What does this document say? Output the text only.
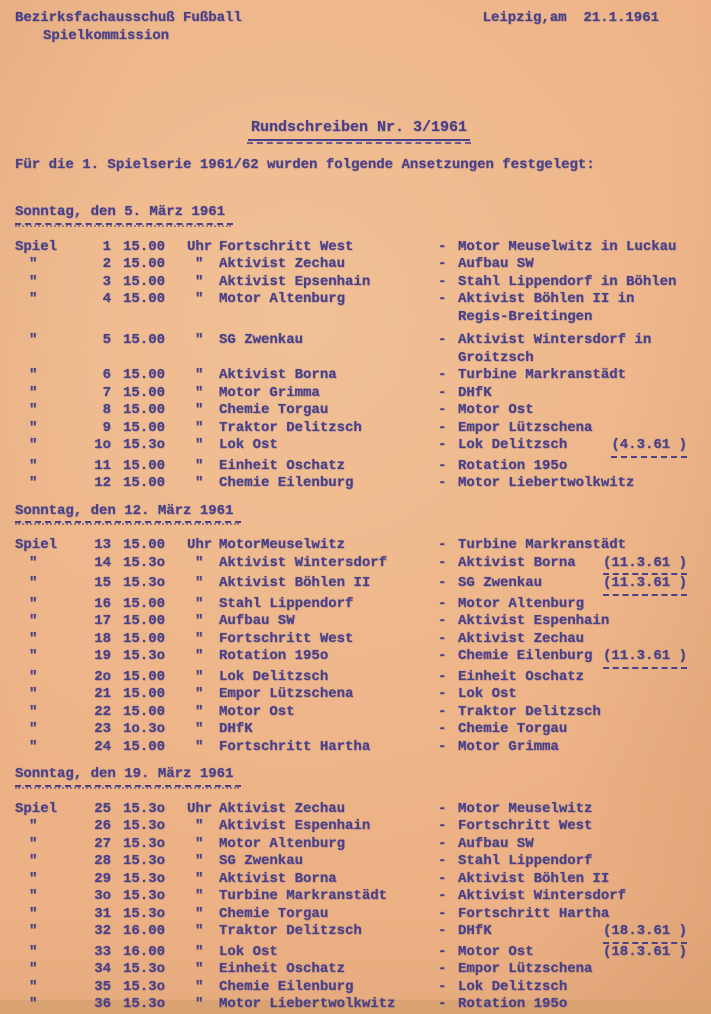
Bezirksfachausschuß Fußball
Spielkommission
Leipzig,am  21.1.1961
Rundschreiben Nr. 3/1961
Für die 1. Spielserie 1961/62 wurden folgende Ansetzungen festgelegt:
Sonntag, den 5. März 1961
Spiel	1 15.00	Uhr Fortschritt West	- Motor Meuselwitz in Luckau
"	2 15.00	"	Aktivist Zechau	- Aufbau SW
"	3 15.00	"	Aktivist Epsenhain	- Stahl Lippendorf in Böhlen
"	4 15.00	"	Motor Altenburg	- Aktivist Böhlen II in
Regis-Breitingen
"	5 15.00	"	SG Zwenkau	- Aktivist Wintersdorf in
Groitzsch
"	6 15.00	"	Aktivist Borna	- Turbine Markranstädt
"	7 15.00	"	Motor Grimma	- DHfK
"	8 15.00	"	Chemie Torgau	- Motor Ost
"	9 15.00	"	Traktor Delitzsch	- Empor Lützschena
"	1o 15.3o	"	Lok Ost	- Lok Delitzsch	(4.3.61 )
"	11 15.00	"	Einheit Oschatz	- Rotation 195o
"	12 15.00	"	Chemie Eilenburg	- Motor Liebertwolkwitz
Sonntag, den 12. März 1961
Spiel	13 15.00	Uhr MotorMeuselwitz	- Turbine Markranstädt
"	14 15.3o	"	Aktivist Wintersdorf	- Aktivist Borna (11.3.61 )
"	15 15.3o	"	Aktivist Böhlen II	- SG Zwenkau	(11.3.61 )
"	16 15.00	"	Stahl Lippendorf	- Motor Altenburg
"	17 15.00	"	Aufbau SW	- Aktivist Espenhain
"	18 15.00	"	Fortschritt West	- Aktivist Zechau
"	19 15.3o	"	Rotation 195o	- Chemie Eilenburg (11.3.61 )
"	2o 15.00	"	Lok Delitzsch	- Einheit Oschatz
"	21 15.00	"	Empor Lützschena	- Lok Ost
"	22 15.00	"	Motor Ost	- Traktor Delitzsch
"	23 1o.3o	"	DHfK	- Chemie Torgau
"	24 15.00	"	Fortschritt Hartha	- Motor Grimma
Sonntag, den 19. März 1961
Spiel	25 15.3o	Uhr Aktivist Zechau	- Motor Meuselwitz
"	26 15.3o	"	Aktivist Espenhain	- Fortschritt West
"	27 15.3o	"	Motor Altenburg	- Aufbau SW
"	28 15.3o	"	SG Zwenkau	- Stahl Lippendorf
"	29 15.3o	"	Aktivist Borna	- Aktivist Böhlen II
"	3o 15.3o	"	Turbine Markranstädt	- Aktivist Wintersdorf
"	31 15.3o	"	Chemie Torgau	- Fortschritt Hartha
"	32 16.00	"	Traktor Delitzsch	- DHfK	(18.3.61 )
"	33 16.00	"	Lok Ost	- Motor Ost	(18.3.61 )
"	34 15.3o	"	Einheit Oschatz	- Empor Lützschena
"	35 15.3o	"	Chemie Eilenburg	- Lok Delitzsch
"	36 15.3o	"	Motor Liebertwolkwitz	- Rotation 195o
